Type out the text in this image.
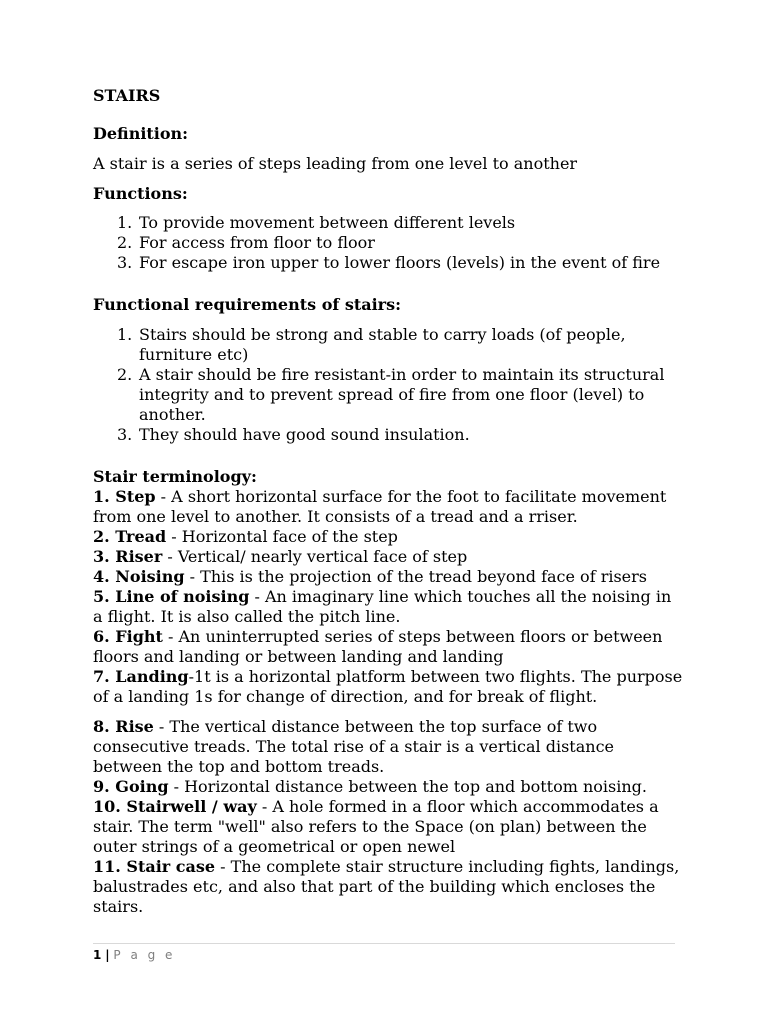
STAIRS

Definition:

A stair is a series of steps leading from one level to another

Functions:

1. To provide movement between different levels
2. For access from floor to floor
3. For escape iron upper to lower floors (levels) in the event of fire

Functional requirements of stairs:

1. Stairs should be strong and stable to carry loads (of people, furniture etc)
2. A stair should be fire resistant-in order to maintain its structural integrity and to prevent spread of fire from one floor (level) to another.
3. They should have good sound insulation.

Stair terminology:

1. Step - A short horizontal surface for the foot to facilitate movement from one level to another. It consists of a tread and a rriser.

2. Tread - Horizontal face of the step

3. Riser - Vertical/ nearly vertical face of step

4. Noising - This is the projection of the tread beyond face of risers

5. Line of noising - An imaginary line which touches all the noising in a flight. It is also called the pitch line.

6. Fight - An uninterrupted series of steps between floors or between floors and landing or between landing and landing

7. Landing-1t is a horizontal platform between two flights. The purpose of a landing 1s for change of direction, and for break of flight.

8. Rise - The vertical distance between the top surface of two consecutive treads. The total rise of a stair is a vertical distance between the top and bottom treads.

9. Going - Horizontal distance between the top and bottom noising.

10. Stairwell / way - A hole formed in a floor which accommodates a stair. The term "well" also refers to the Space (on plan) between the outer strings of a geometrical or open newel

11. Stair case - The complete stair structure including fights, landings, balustrades etc, and also that part of the building which encloses the stairs.

1 | P a g e
